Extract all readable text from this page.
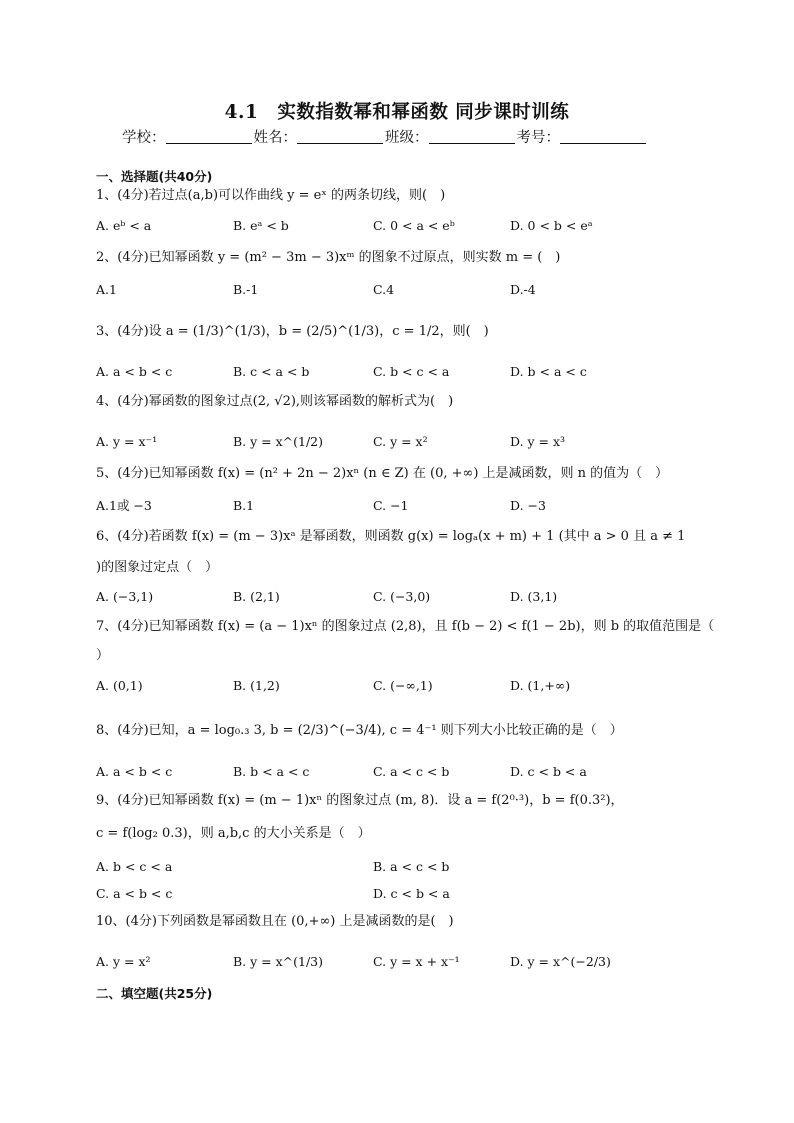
4.1　实数指数幂和幂函数 同步课时训练
学校：	姓名：	班级：	考号：
一、选择题(共40分)
1、(4分)若过点(a,b)可以作曲线 y = eˣ 的两条切线，则(　)
A. eᵇ < a	B. eᵃ < b	C. 0 < a < eᵇ	D. 0 < b < eᵃ
2、(4分)已知幂函数 y = (m² − 3m − 3)xᵐ 的图象不过原点，则实数 m = (　)
A.1	B.-1	C.4	D.-4
3、(4分)设 a = (1/3)^(1/3)，b = (2/5)^(1/3)，c = 1/2，则(　)
A. a < b < c	B. c < a < b	C. b < c < a	D. b < a < c
4、(4分)幂函数的图象过点(2, √2),则该幂函数的解析式为(　)
A. y = x⁻¹	B. y = x^(1/2)	C. y = x²	D. y = x³
5、(4分)已知幂函数 f(x) = (n² + 2n − 2)xⁿ (n ∈ Z) 在 (0, +∞) 上是减函数，则 n 的值为（　）
A.1或 −3	B.1	C. −1	D. −3
6、(4分)若函数 f(x) = (m − 3)xᵃ 是幂函数，则函数 g(x) = logₐ(x + m) + 1 (其中 a > 0 且 a ≠ 1
)的图象过定点（　）
A. (−3,1)	B. (2,1)	C. (−3,0)	D. (3,1)
7、(4分)已知幂函数 f(x) = (a − 1)xⁿ 的图象过点 (2,8)，且 f(b − 2) < f(1 − 2b)，则 b 的取值范围是（
）
A. (0,1)	B. (1,2)	C. (−∞,1)	D. (1,+∞)
8、(4分)已知，a = log₀.₃ 3, b = (2/3)^(−3/4), c = 4⁻¹ 则下列大小比较正确的是（　）
A. a < b < c	B. b < a < c	C. a < c < b	D. c < b < a
9、(4分)已知幂函数 f(x) = (m − 1)xⁿ 的图象过点 (m, 8)．设 a = f(2⁰·³)，b = f(0.3²)，
c = f(log₂ 0.3)，则 a,b,c 的大小关系是（　）
A. b < c < a	B. a < c < b
C. a < b < c	D. c < b < a
10、(4分)下列函数是幂函数且在 (0,+∞) 上是减函数的是(　)
A. y = x²	B. y = x^(1/3)	C. y = x + x⁻¹	D. y = x^(−2/3)
二、填空题(共25分)
